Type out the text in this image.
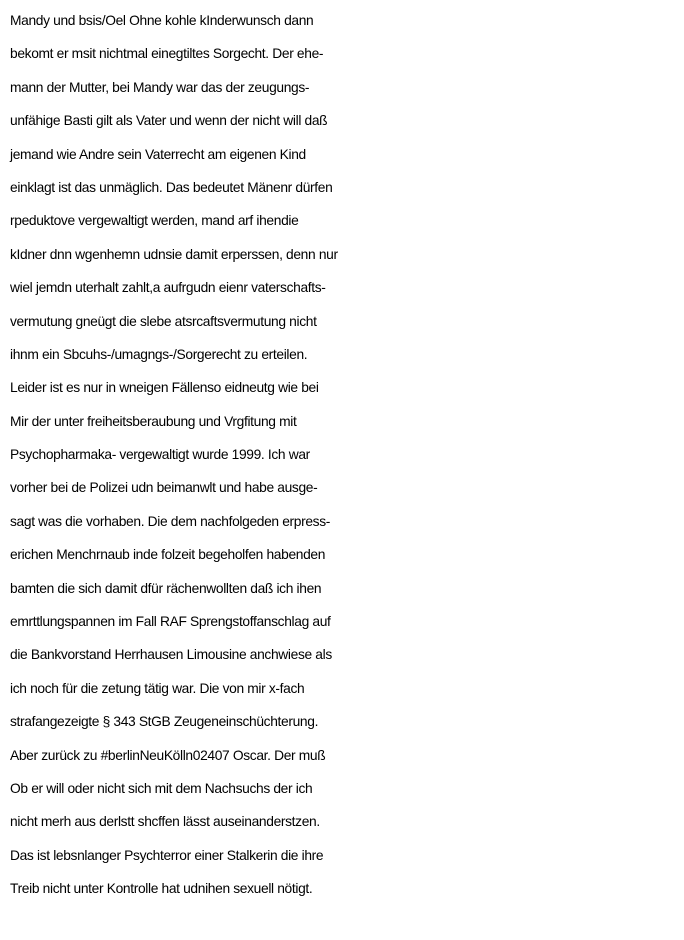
Mandy und bsis/Oel Ohne kohle kInderwunsch dann
bekomt er msit nichtmal einegtiltes Sorgecht. Der ehe-
mann der Mutter, bei Mandy war das der zeugungs-
unfähige Basti gilt als Vater und wenn der nicht will daß
jemand wie Andre sein Vaterrecht am eigenen Kind
einklagt ist das unmäglich. Das bedeutet Mänenr dürfen
rpeduktove vergewaltigt werden, mand arf ihendie
kIdner dnn wgenhemn udnsie damit erperssen, denn nur
wiel jemdn uterhalt zahlt,a aufrgudn eienr vaterschafts-
vermutung gneügt die slebe atsrcaftsvermutung nicht
ihnm ein Sbcuhs-/umagngs-/Sorgerecht zu erteilen.
Leider ist es nur in wneigen Fällenso eidneutg wie bei
Mir der unter freiheitsberaubung und Vrgfitung mit
Psychopharmaka- vergewaltigt wurde 1999. Ich war
vorher bei de Polizei udn beimanwlt und habe ausge-
sagt was die vorhaben. Die dem nachfolgeden erpress-
erichen Menchrnaub inde folzeit begeholfen habenden
bamten die sich damit dfür rächenwollten daß ich ihen
emrttlungspannen im Fall RAF Sprengstoffanschlag auf
die Bankvorstand Herrhausen Limousine anchwiese als
ich noch für die zetung tätig war. Die von mir x-fach
strafangezeigte § 343 StGB Zeugeneinschüchterung.
Aber zurück zu #berlinNeuKölln02407 Oscar. Der muß
Ob er will oder nicht sich mit dem Nachsuchs der ich
nicht merh aus derlstt shcffen lässt auseinanderstzen.
Das ist lebsnlanger Psychterror einer Stalkerin die ihre
Treib nicht unter Kontrolle hat udnihen sexuell nötigt.
